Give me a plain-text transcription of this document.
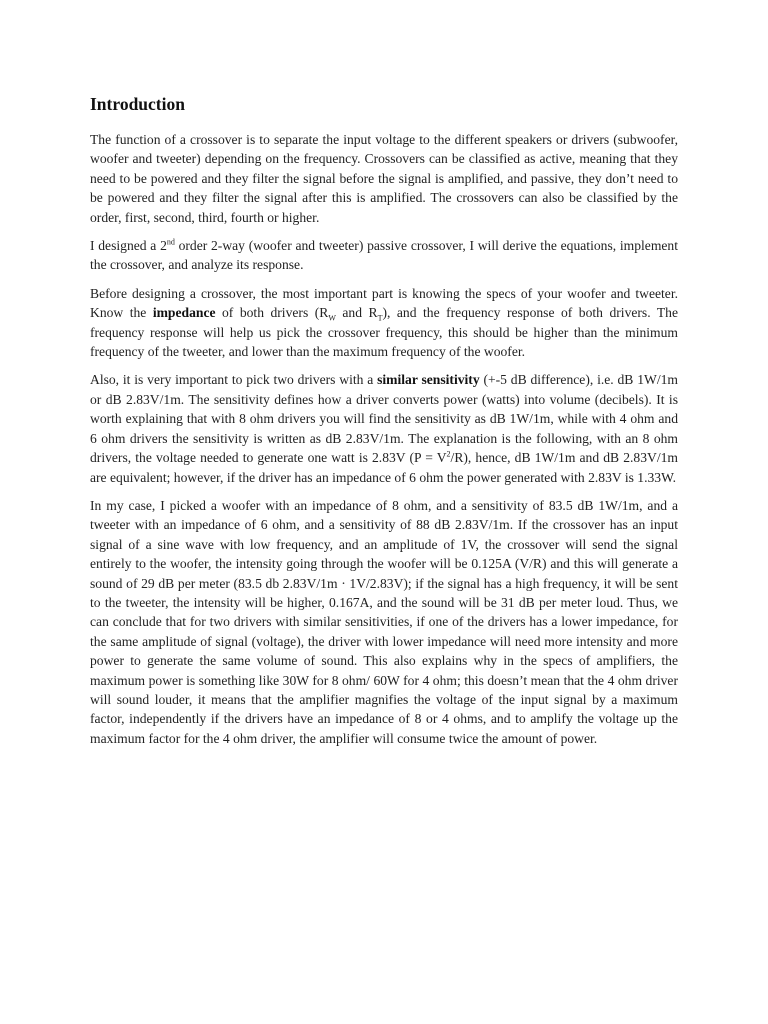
Introduction

The function of a crossover is to separate the input voltage to the different speakers or drivers (subwoofer, woofer and tweeter) depending on the frequency. Crossovers can be classified as active, meaning that they need to be powered and they filter the signal before the signal is amplified, and passive, they don’t need to be powered and they filter the signal after this is amplified. The crossovers can also be classified by the order, first, second, third, fourth or higher.

I designed a 2nd order 2-way (woofer and tweeter) passive crossover, I will derive the equations, implement the crossover, and analyze its response.

Before designing a crossover, the most important part is knowing the specs of your woofer and tweeter. Know the impedance of both drivers ($R_W$ and $R_T$), and the frequency response of both drivers. The frequency response will help us pick the crossover frequency, this should be higher than the minimum frequency of the tweeter, and lower than the maximum frequency of the woofer.

Also, it is very important to pick two drivers with a similar sensitivity (+-5 dB difference), i.e. dB 1W/1m or dB 2.83V/1m. The sensitivity defines how a driver converts power (watts) into volume (decibels). It is worth explaining that with 8 ohm drivers you will find the sensitivity as dB 1W/1m, while with 4 ohm and 6 ohm drivers the sensitivity is written as dB 2.83V/1m. The explanation is the following, with an 8 ohm drivers, the voltage needed to generate one watt is 2.83V $(P = V^2/R)$, hence, dB 1W/1m and dB 2.83V/1m are equivalent; however, if the driver has an impedance of 6 ohm the power generated with 2.83V is 1.33W.

In my case, I picked a woofer with an impedance of 8 ohm, and a sensitivity of 83.5 dB 1W/1m, and a tweeter with an impedance of 6 ohm, and a sensitivity of 88 dB 2.83V/1m. If the crossover has an input signal of a sine wave with low frequency, and an amplitude of 1V, the crossover will send the signal entirely to the woofer, the intensity going through the woofer will be 0.125A (V/R) and this will generate a sound of 29 dB per meter (83.5 db 2.83V/1m · 1V/2.83V); if the signal has a high frequency, it will be sent to the tweeter, the intensity will be higher, 0.167A, and the sound will be 31 dB per meter loud. Thus, we can conclude that for two drivers with similar sensitivities, if one of the drivers has a lower impedance, for the same amplitude of signal (voltage), the driver with lower impedance will need more intensity and more power to generate the same volume of sound. This also explains why in the specs of amplifiers, the maximum power is something like 30W for 8 ohm/ 60W for 4 ohm; this doesn’t mean that the 4 ohm driver will sound louder, it means that the amplifier magnifies the voltage of the input signal by a maximum factor, independently if the drivers have an impedance of 8 or 4 ohms, and to amplify the voltage up the maximum factor for the 4 ohm driver, the amplifier will consume twice the amount of power.
